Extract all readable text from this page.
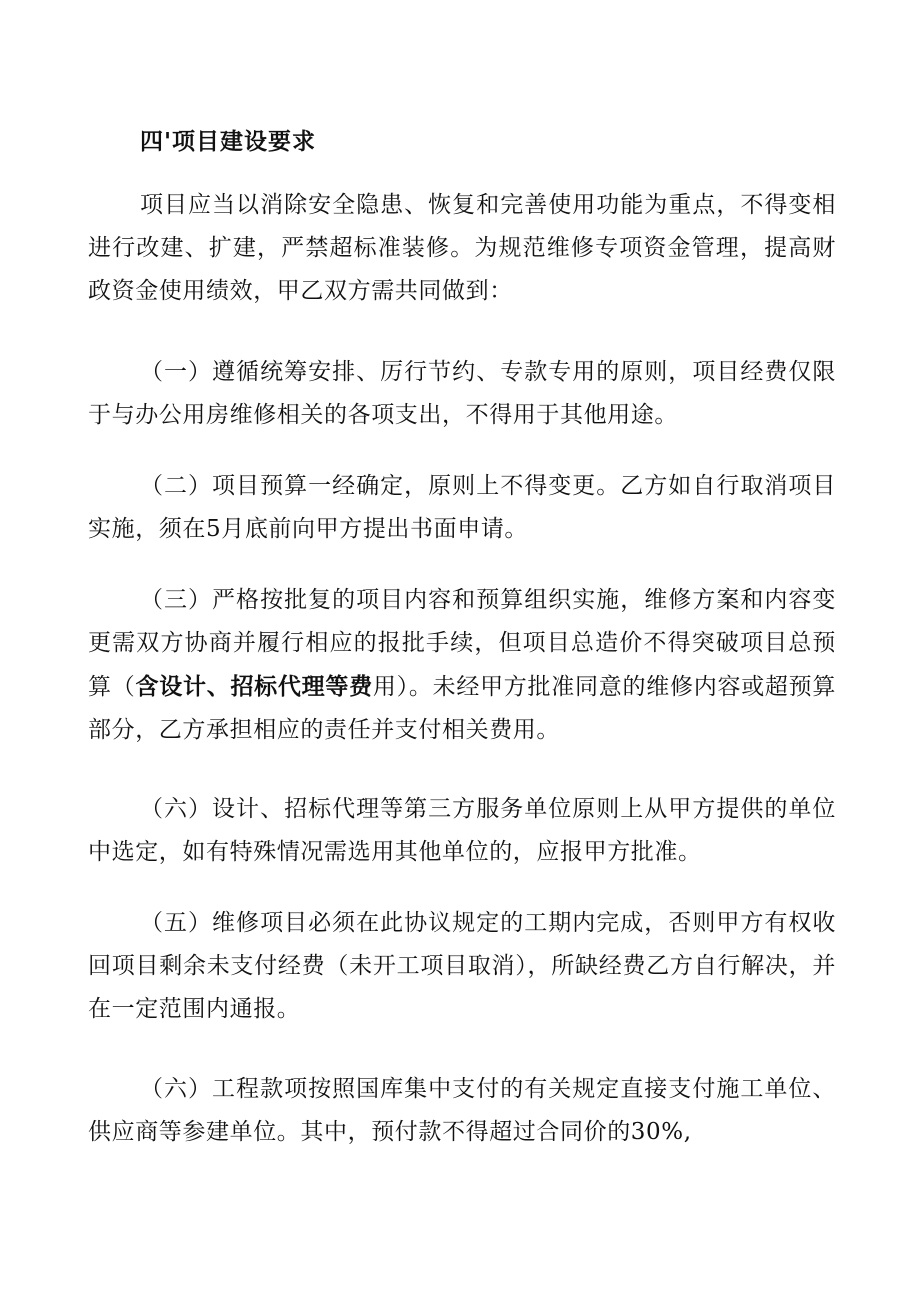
四'项目建设要求
项目应当以消除安全隐患、恢复和完善使用功能为重点，不得变相进行改建、扩建，严禁超标准装修。为规范维修专项资金管理，提高财政资金使用绩效，甲乙双方需共同做到：
（一）遵循统筹安排、厉行节约、专款专用的原则，项目经费仅限于与办公用房维修相关的各项支出，不得用于其他用途。
（二）项目预算一经确定，原则上不得变更。乙方如自行取消项目实施，须在5月底前向甲方提出书面申请。
（三）严格按批复的项目内容和预算组织实施，维修方案和内容变更需双方协商并履行相应的报批手续，但项目总造价不得突破项目总预算（含设计、招标代理等费用）。未经甲方批准同意的维修内容或超预算部分，乙方承担相应的责任并支付相关费用。
（六）设计、招标代理等第三方服务单位原则上从甲方提供的单位中选定，如有特殊情况需选用其他单位的，应报甲方批准。
（五）维修项目必须在此协议规定的工期内完成，否则甲方有权收回项目剩余未支付经费（未开工项目取消），所缺经费乙方自行解决，并在一定范围内通报。
（六）工程款项按照国库集中支付的有关规定直接支付施工单位、供应商等参建单位。其中，预付款不得超过合同价的30%,
